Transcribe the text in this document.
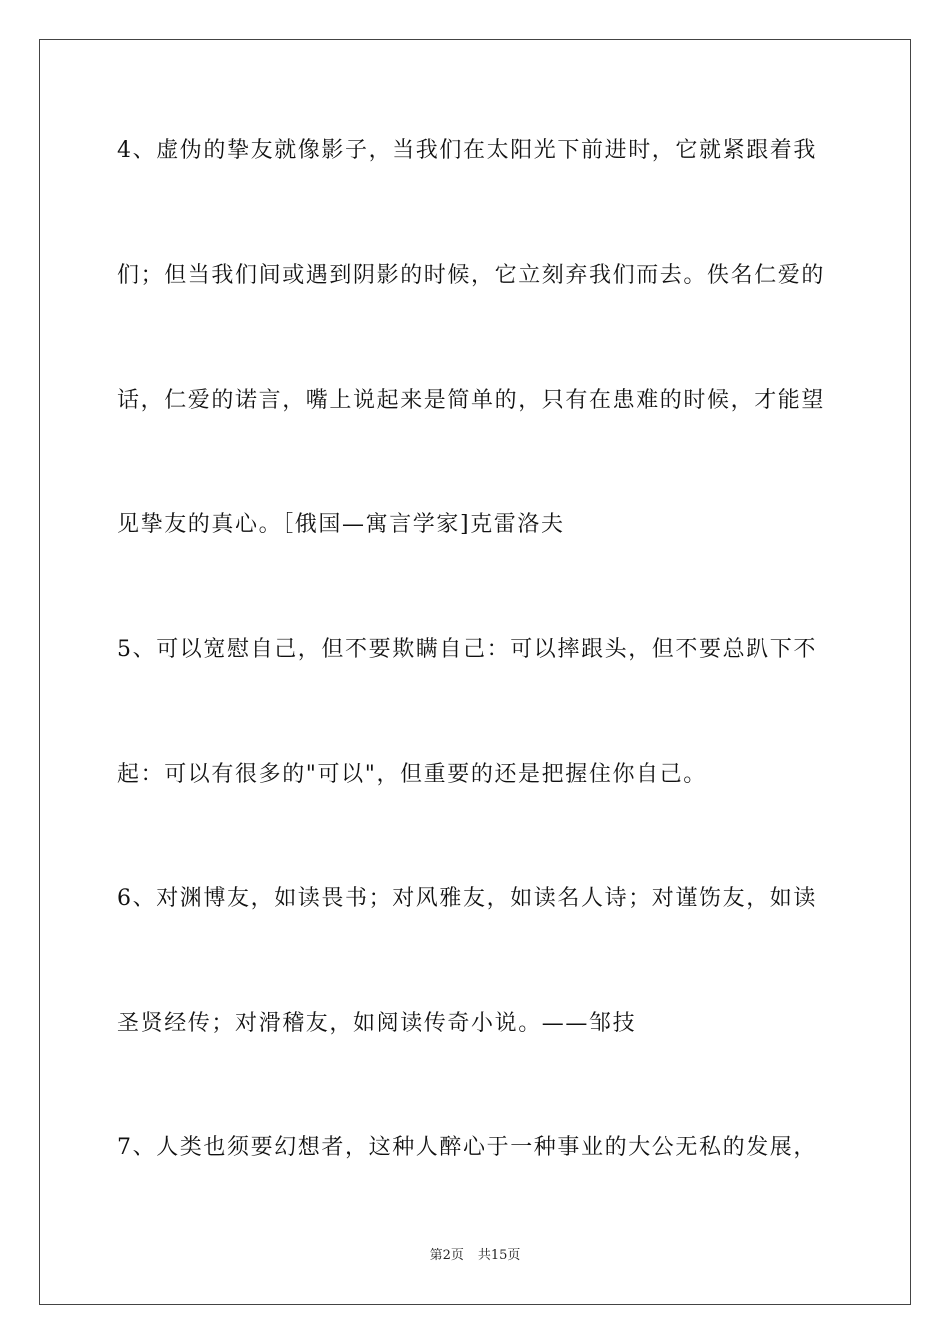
4、虚伪的挚友就像影子，当我们在太阳光下前进时，它就紧跟着我

们；但当我们间或遇到阴影的时候，它立刻弃我们而去。佚名仁爱的

话，仁爱的诺言，嘴上说起来是简单的，只有在患难的时候，才能望

见挚友的真心。［俄国—寓言学家]克雷洛夫

5、可以宽慰自己，但不要欺瞒自己：可以摔跟头，但不要总趴下不

起：可以有很多的"可以"，但重要的还是把握住你自己。

6、对渊博友，如读畏书；对风雅友，如读名人诗；对谨饬友，如读

圣贤经传；对滑稽友，如阅读传奇小说。——邹技

7、人类也须要幻想者，这种人醉心于一种事业的大公无私的发展，

第2页 共15页
